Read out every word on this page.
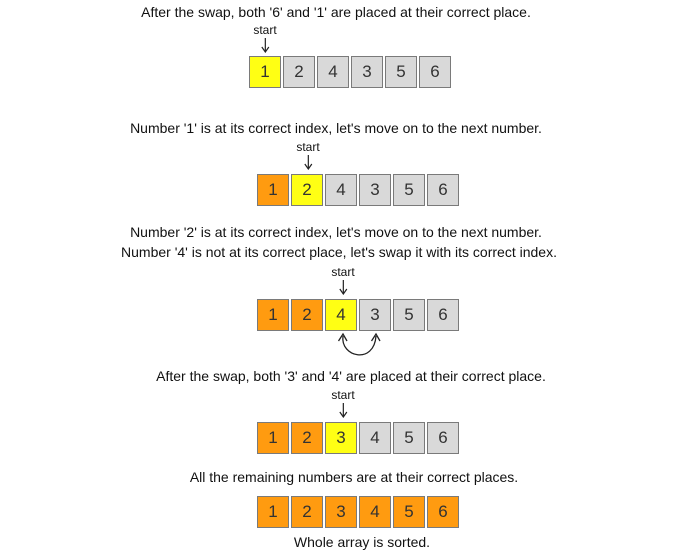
After the swap, both '6' and '1' are placed at their correct place.
start
1 2 4 3 5 6
Number '1' is at its correct index, let's move on to the next number.
start
1 2 4 3 5 6
Number '2' is at its correct index, let's move on to the next number.
Number '4' is not at its correct place, let's swap it with its correct index.
start
1 2 4 3 5 6
After the swap, both '3' and '4' are placed at their correct place.
start
1 2 3 4 5 6
All the remaining numbers are at their correct places.
1 2 3 4 5 6
Whole array is sorted.
